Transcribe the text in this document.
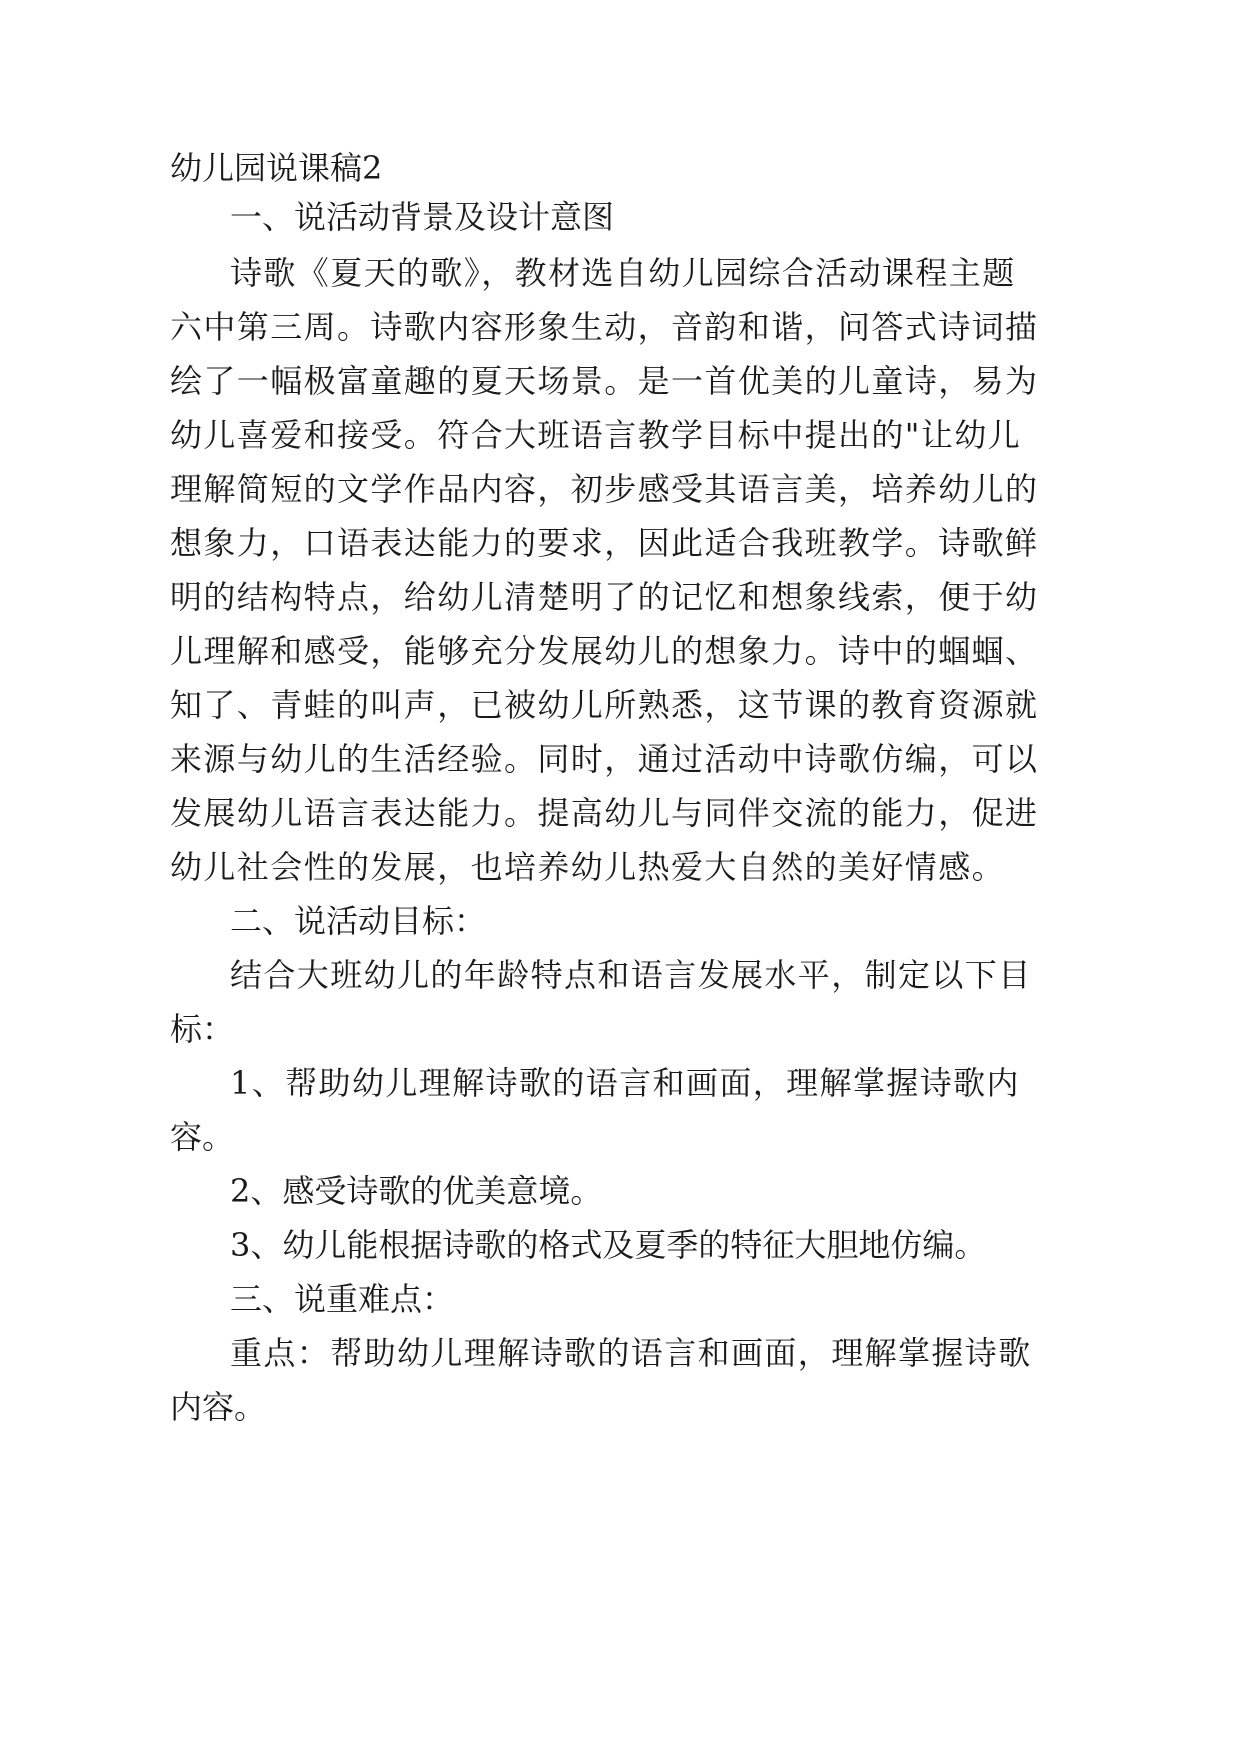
幼儿园说课稿2
一、说活动背景及设计意图
诗歌《夏天的歌》，教材选自幼儿园综合活动课程主题
六中第三周。诗歌内容形象生动，音韵和谐，问答式诗词描
绘了一幅极富童趣的夏天场景。是一首优美的儿童诗，易为
幼儿喜爱和接受。符合大班语言教学目标中提出的"让幼儿
理解简短的文学作品内容，初步感受其语言美，培养幼儿的
想象力，口语表达能力的要求，因此适合我班教学。诗歌鲜
明的结构特点，给幼儿清楚明了的记忆和想象线索，便于幼
儿理解和感受，能够充分发展幼儿的想象力。诗中的蝈蝈、
知了、青蛙的叫声，已被幼儿所熟悉，这节课的教育资源就
来源与幼儿的生活经验。同时，通过活动中诗歌仿编，可以
发展幼儿语言表达能力。提高幼儿与同伴交流的能力，促进
幼儿社会性的发展，也培养幼儿热爱大自然的美好情感。
二、说活动目标：
结合大班幼儿的年龄特点和语言发展水平，制定以下目
标：
1、帮助幼儿理解诗歌的语言和画面，理解掌握诗歌内
容。
2、感受诗歌的优美意境。
3、幼儿能根据诗歌的格式及夏季的特征大胆地仿编。
三、说重难点：
重点：帮助幼儿理解诗歌的语言和画面，理解掌握诗歌
内容。
